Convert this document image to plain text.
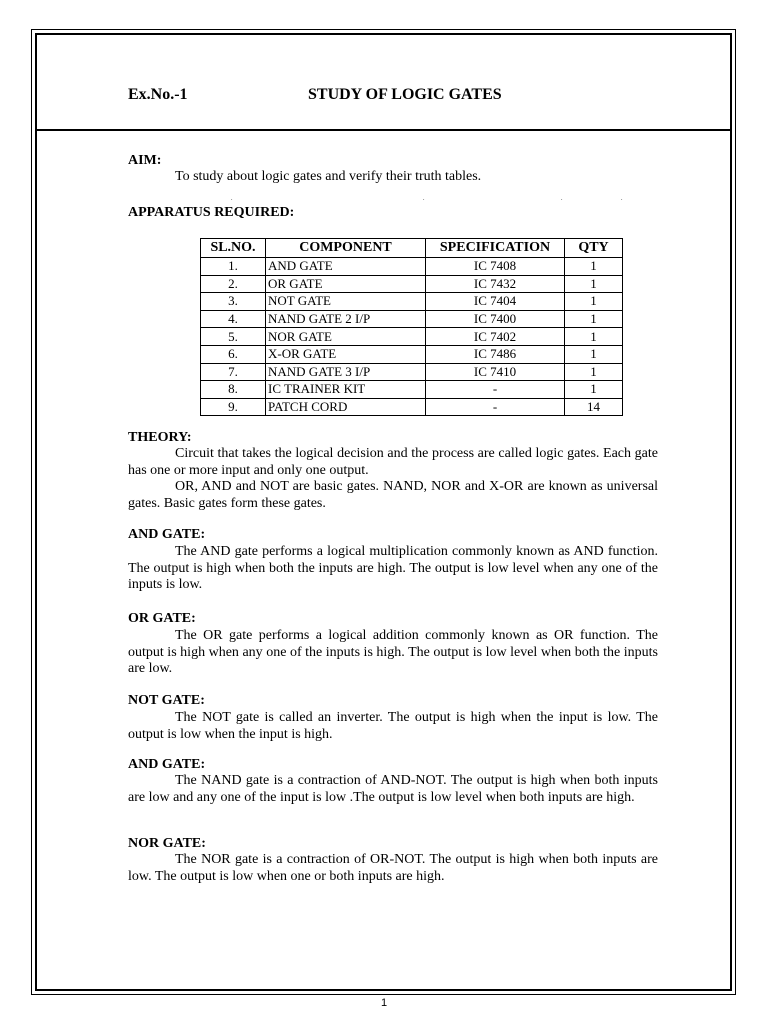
Ex.No.-1	STUDY OF LOGIC GATES
AIM:
To study about logic gates and verify their truth tables.
.	.	.	.
APPARATUS REQUIRED:
SL.NO.	COMPONENT	SPECIFICATION	QTY
1.	AND GATE	IC 7408	1
2.	OR GATE	IC 7432	1
3.	NOT GATE	IC 7404	1
4.	NAND GATE 2 I/P	IC 7400	1
5.	NOR GATE	IC 7402	1
6.	X-OR GATE	IC 7486	1
7.	NAND GATE 3 I/P	IC 7410	1
8.	IC TRAINER KIT	-	1
9.	PATCH CORD	-	14
THEORY:
Circuit that takes the logical decision and the process are called logic gates. Each gate has one or more input and only one output.
OR, AND and NOT are basic gates. NAND, NOR and X-OR are known as universal gates. Basic gates form these gates.
AND GATE:
The AND gate performs a logical multiplication commonly known as AND function. The output is high when both the inputs are high. The output is low level when any one of the inputs is low.
OR GATE:
The OR gate performs a logical addition commonly known as OR function. The output is high when any one of the inputs is high. The output is low level when both the inputs are low.
NOT GATE:
The NOT gate is called an inverter. The output is high when the input is low. The output is low when the input is high.
AND GATE:
The NAND gate is a contraction of AND-NOT. The output is high when both inputs are low and any one of the input is low .The output is low level when both inputs are high.
NOR GATE:
The NOR gate is a contraction of OR-NOT. The output is high when both inputs are low. The output is low when one or both inputs are high.
1
